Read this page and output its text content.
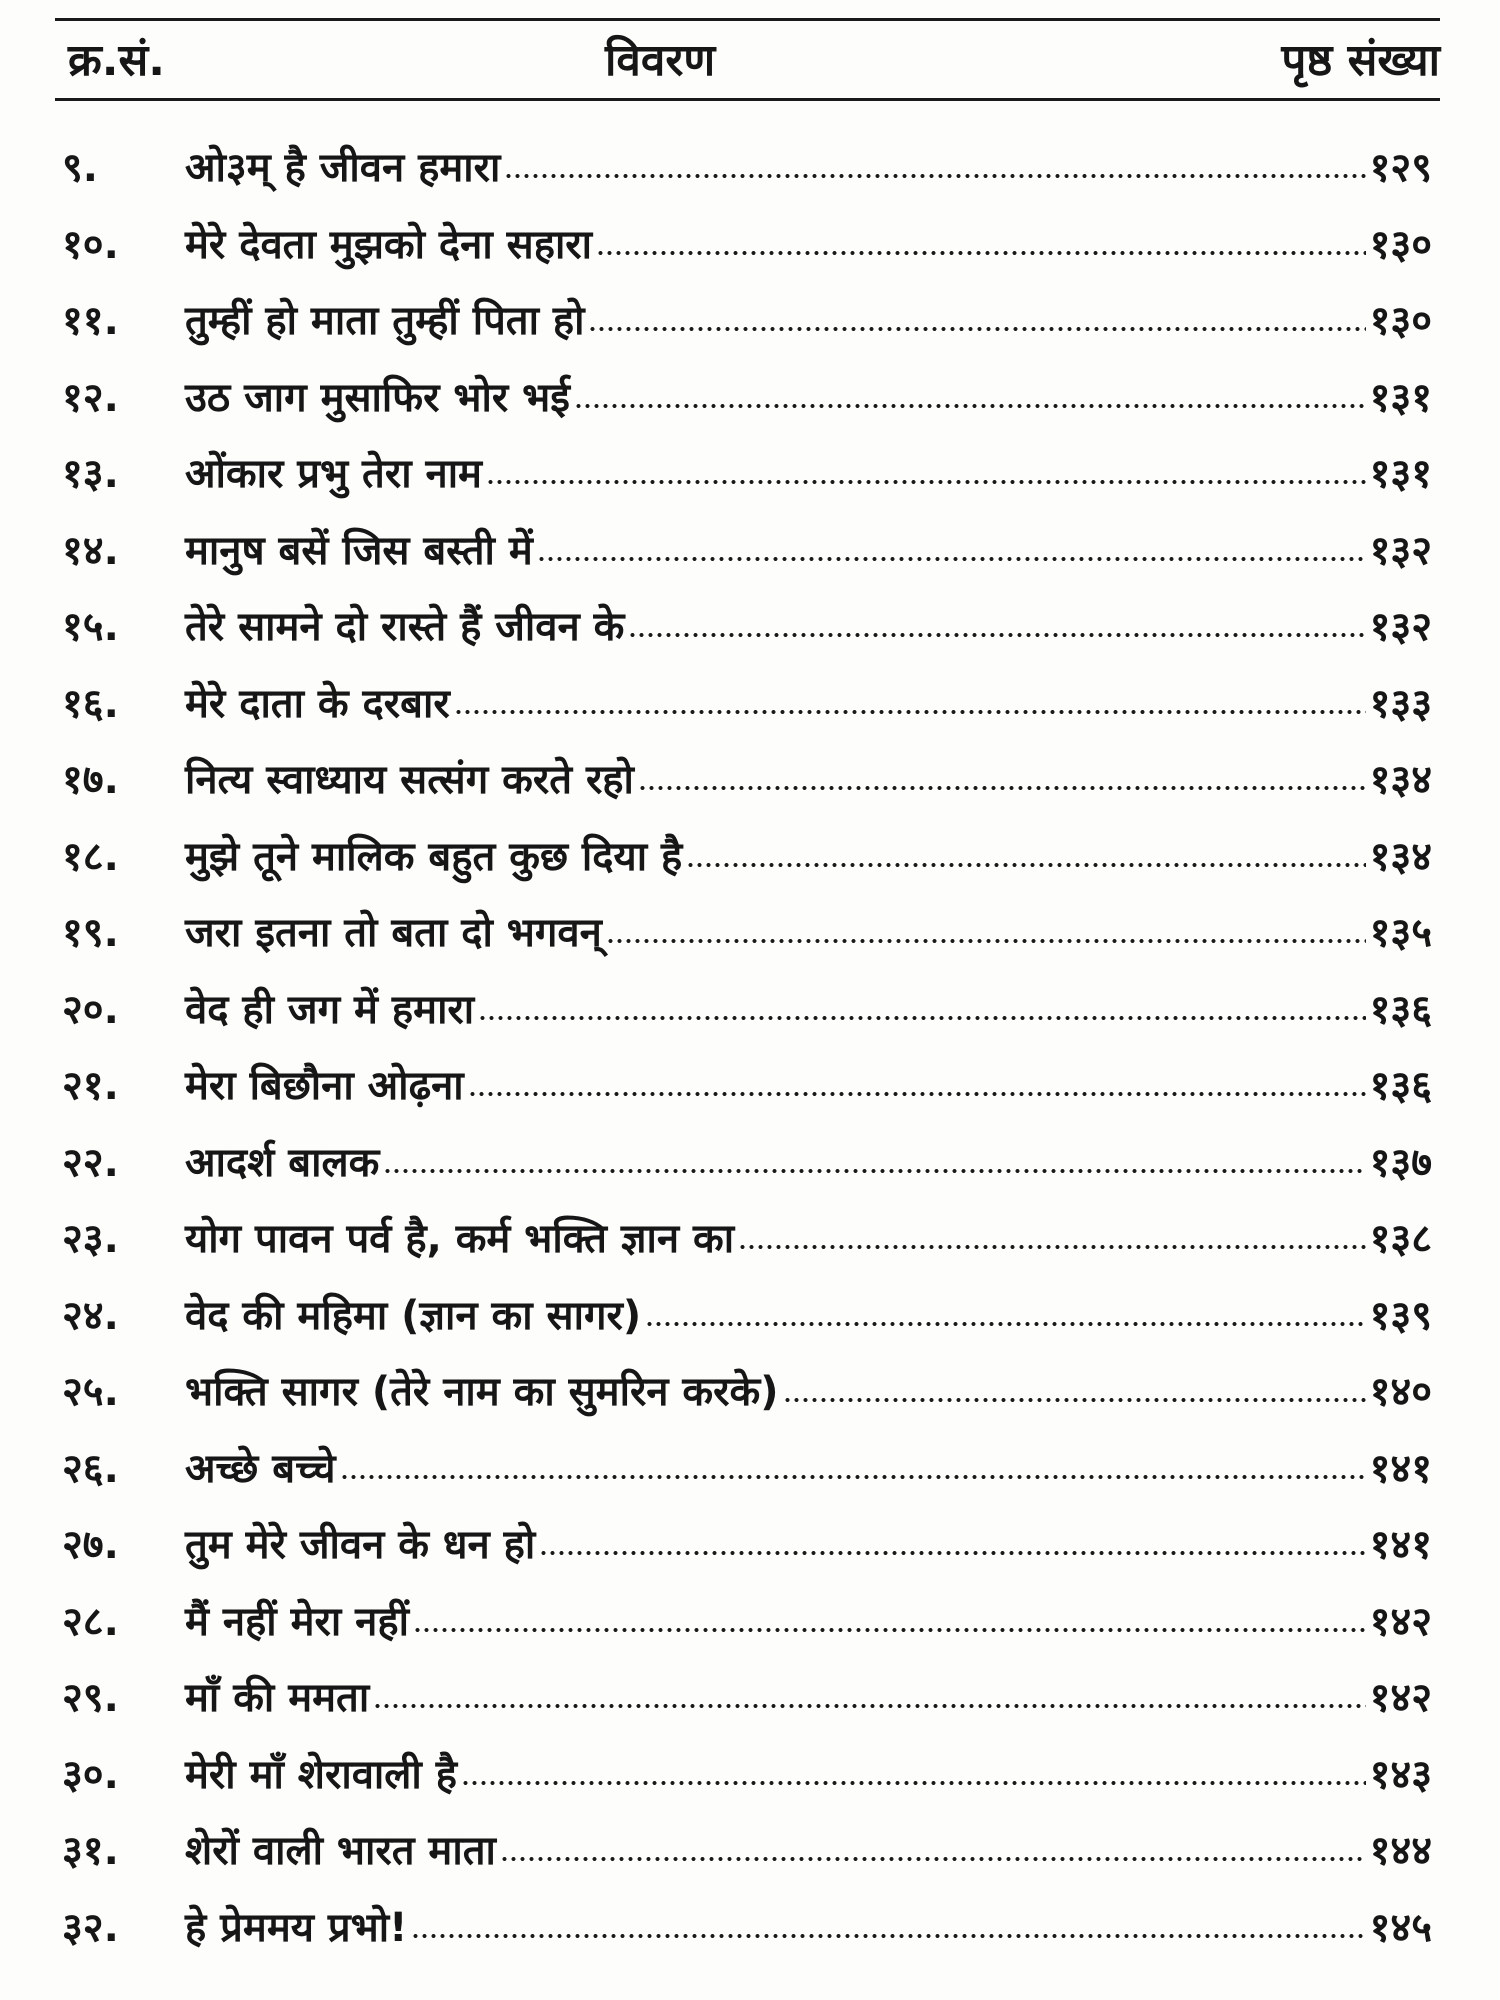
क्र.सं.	विवरण	पृष्ठ संख्या
९. ओ३म् है जीवन हमारा	१२९
१०. मेरे देवता मुझको देना सहारा	१३०
११. तुम्हीं हो माता तुम्हीं पिता हो	१३०
१२. उठ जाग मुसाफिर भोर भई	१३१
१३. ओंकार प्रभु तेरा नाम	१३१
१४. मानुष बसें जिस बस्ती में	१३२
१५. तेरे सामने दो रास्ते हैं जीवन के	१३२
१६. मेरे दाता के दरबार	१३३
१७. नित्य स्वाध्याय सत्संग करते रहो	१३४
१८. मुझे तूने मालिक बहुत कुछ दिया है	१३४
१९. जरा इतना तो बता दो भगवन्	१३५
२०. वेद ही जग में हमारा	१३६
२१. मेरा बिछौना ओढ़ना	१३६
२२. आदर्श बालक	१३७
२३. योग पावन पर्व है, कर्म भक्ति ज्ञान का	१३८
२४. वेद की महिमा (ज्ञान का सागर)	१३९
२५. भक्ति सागर (तेरे नाम का सुमरिन करके)	१४०
२६. अच्छे बच्चे	१४१
२७. तुम मेरे जीवन के धन हो	१४१
२८. मैं नहीं मेरा नहीं	१४२
२९. माँ की ममता	१४२
३०. मेरी माँ शेरावाली है	१४३
३१. शेरों वाली भारत माता	१४४
३२. हे प्रेममय प्रभो!	१४५
